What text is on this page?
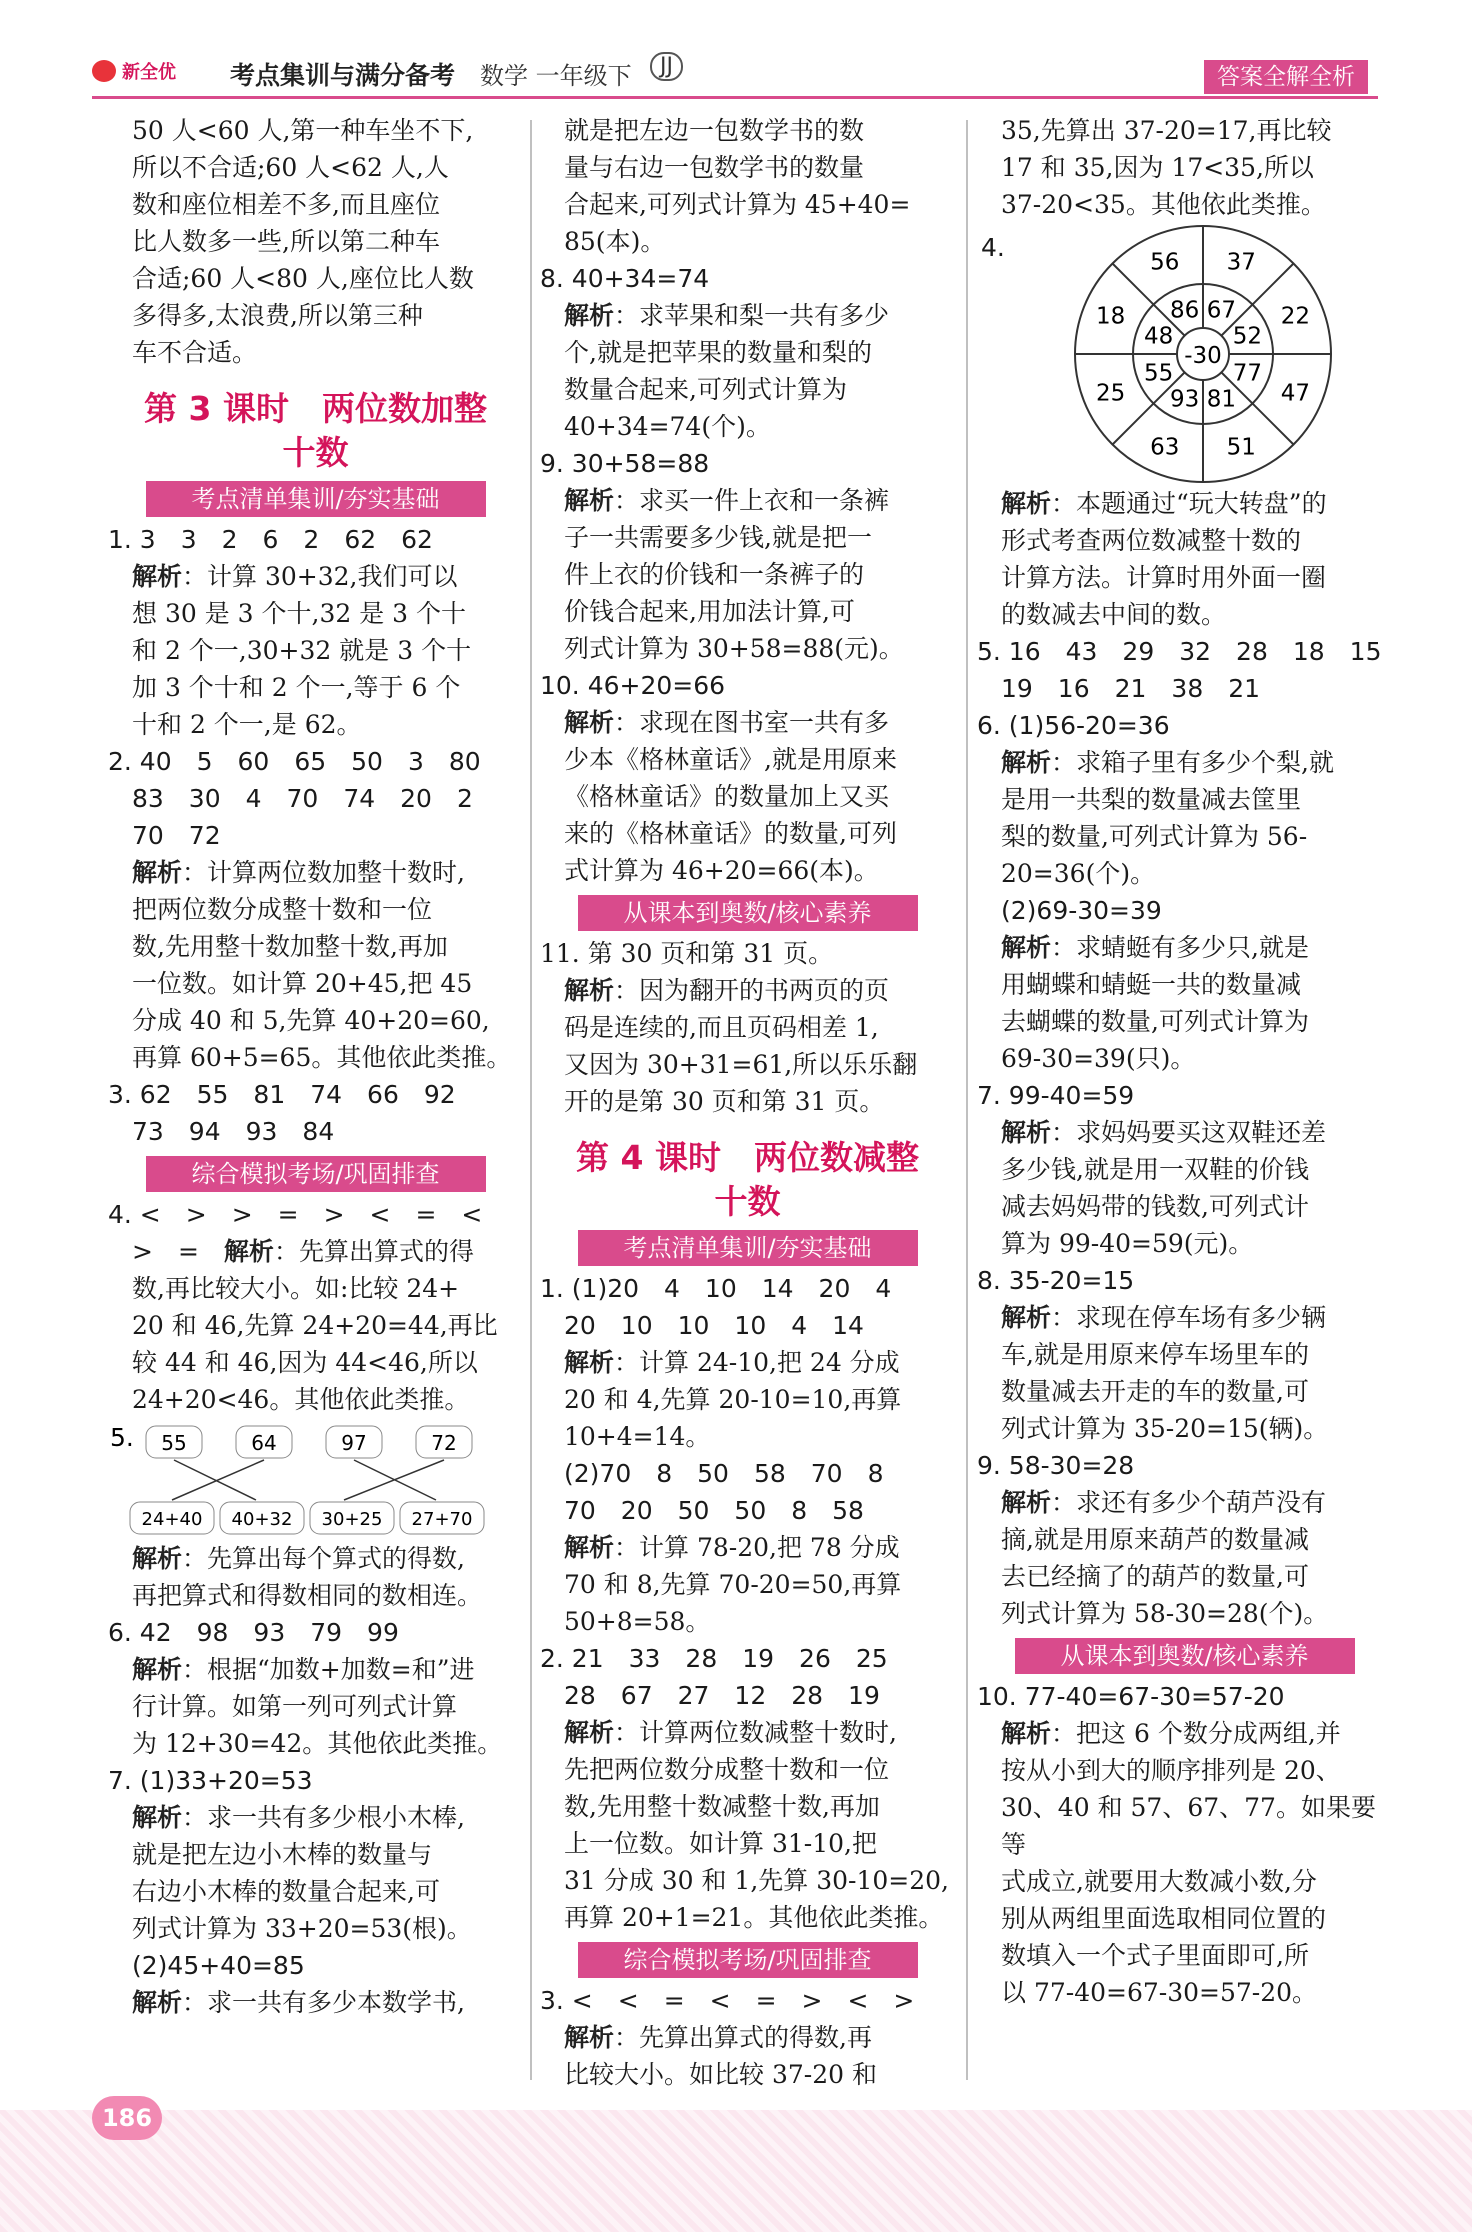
新全优 考点集训与满分备考 数学 一年级下	JJ	答案全解全析

50 人<60 人,第一种车坐不下,

所以不合适;60 人<62 人,人

数和座位相差不多,而且座位

比人数多一些,所以第二种车

合适;60 人<80 人,座位比人数

多得多,太浪费,所以第三种

车不合适。

第 3 课时　两位数加整
十数
考点清单集训/夯实基础

1. 3　3　2　6　2　62　62

解析：计算 30+32,我们可以

想 30 是 3 个十,32 是 3 个十

和 2 个一,30+32 就是 3 个十

加 3 个十和 2 个一,等于 6 个

十和 2 个一,是 62。

2. 40　5　60　65　50　3　80

83　30　4　70　74　20　2

70　72

解析：计算两位数加整十数时,

把两位数分成整十数和一位

数,先用整十数加整十数,再加

一位数。如计算 20+45,把 45

分成 40 和 5,先算 40+20=60,

再算 60+5=65。其他依此类推。

3. 62　55　81　74　66　92

73　94　93　84

综合模拟考场/巩固排查

4. <　>　>　=　>　<　=　<

>　=　 解析：先算出算式的得

数,再比较大小。如:比较 24+

20 和 46,先算 24+20=44,再比

较 44 和 46,因为 44<46,所以

24+20<46。其他依此类推。

5. 55	64	97	72
24+40 40+32 30+25 27+70

解析：先算出每个算式的得数,

再把算式和得数相同的数相连。

6. 42　98　93　79　99

解析：根据“加数+加数=和”进

行计算。如第一列可列式计算

为 12+30=42。其他依此类推。

7. (1)33+20=53

解析：求一共有多少根小木棒,

就是把左边小木棒的数量与

右边小木棒的数量合起来,可

列式计算为 33+20=53(根)。

(2)45+40=85

解析：求一共有多少本数学书,

就是把左边一包数学书的数

量与右边一包数学书的数量

合起来,可列式计算为 45+40=

85(本)。

8. 40+34=74

解析：求苹果和梨一共有多少

个,就是把苹果的数量和梨的

数量合起来,可列式计算为

40+34=74(个)。

9. 30+58=88

解析：求买一件上衣和一条裤

子一共需要多少钱,就是把一

件上衣的价钱和一条裤子的

价钱合起来,用加法计算,可

列式计算为 30+58=88(元)。

10. 46+20=66

解析：求现在图书室一共有多

少本《格林童话》,就是用原来

《格林童话》的数量加上又买

来的《格林童话》的数量,可列

式计算为 46+20=66(本)。

从课本到奥数/核心素养

11. 第 30 页和第 31 页。

解析：因为翻开的书两页的页

码是连续的,而且页码相差 1,

又因为 30+31=61,所以乐乐翻

开的是第 30 页和第 31 页。

第 4 课时　两位数减整
十数
考点清单集训/夯实基础

1. (1)20　4　10　14　20　4

20　10　10　10　4　14

解析：计算 24-10,把 24 分成

20 和 4,先算 20-10=10,再算

10+4=14。

(2)70　8　50　58　70　8

70　20　50　50　8　58

解析：计算 78-20,把 78 分成

70 和 8,先算 70-20=50,再算

50+8=58。

2. 21　33　28　19　26　25

28　67　27　12　28　19

解析：计算两位数减整十数时,

先把两位数分成整十数和一位

数,先用整十数减整十数,再加

上一位数。如计算 31-10,把

31 分成 30 和 1,先算 30-10=20,

再算 20+1=21。其他依此类推。

综合模拟考场/巩固排查

3. <　<　=　<　=　>　<　>

解析：先算出算式的得数,再

比较大小。如比较 37-20 和

35,先算出 37-20=17,再比较

17 和 35,因为 17<35,所以

37-20<35。其他依此类推。

4.
-30
56 37
22
47
51
63
25
18 86 67
52
77
81
93
55
48

解析：本题通过“玩大转盘”的

形式考查两位数减整十数的

计算方法。计算时用外面一圈

的数减去中间的数。

5. 16　43　29　32　28　18　15

19　16　21　38　21

6. (1)56-20=36

解析：求箱子里有多少个梨,就

是用一共梨的数量减去筐里

梨的数量,可列式计算为 56-

20=36(个)。

(2)69-30=39

解析：求蜻蜓有多少只,就是

用蝴蝶和蜻蜓一共的数量减

去蝴蝶的数量,可列式计算为

69-30=39(只)。

7. 99-40=59

解析：求妈妈要买这双鞋还差

多少钱,就是用一双鞋的价钱

减去妈妈带的钱数,可列式计

算为 99-40=59(元)。

8. 35-20=15

解析：求现在停车场有多少辆

车,就是用原来停车场里车的

数量减去开走的车的数量,可

列式计算为 35-20=15(辆)。

9. 58-30=28

解析：求还有多少个葫芦没有

摘,就是用原来葫芦的数量减

去已经摘了的葫芦的数量,可

列式计算为 58-30=28(个)。

从课本到奥数/核心素养

10. 77-40=67-30=57-20

解析：把这 6 个数分成两组,并

按从小到大的顺序排列是 20、

30、40 和 57、67、77。如果要等

式成立,就要用大数减小数,分

别从两组里面选取相同位置的

数填入一个式子里面即可,所

以 77-40=67-30=57-20。

186
